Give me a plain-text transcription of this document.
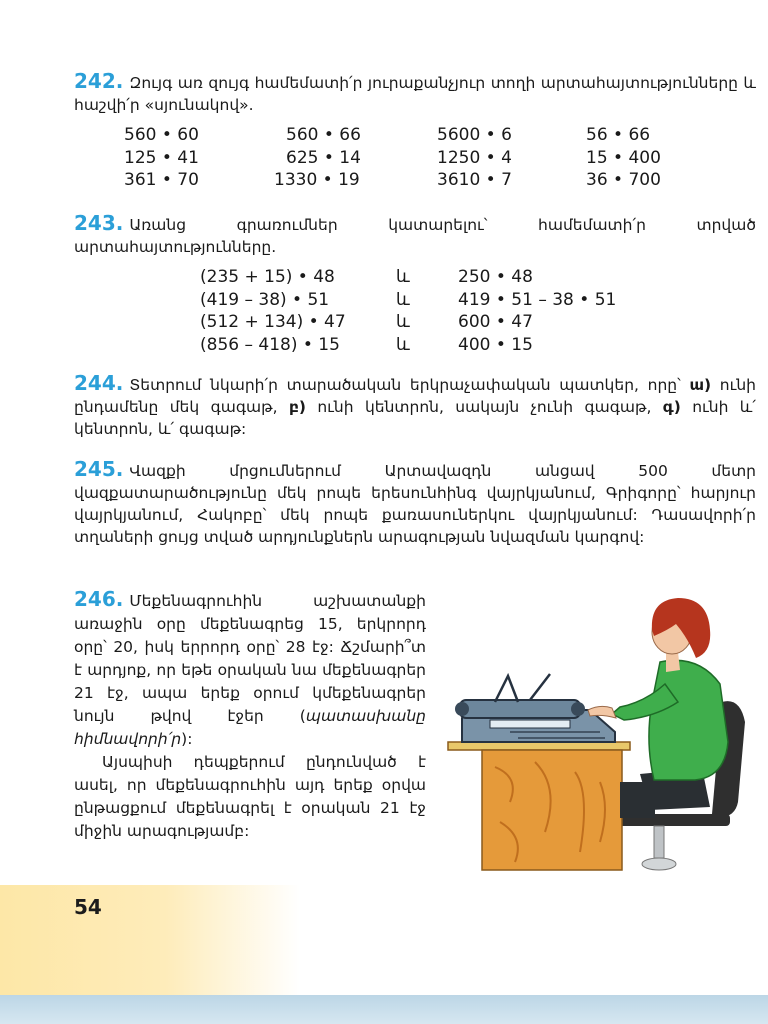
242. Զույգ առ զույգ համեմատի՛ր յուրաքանչյուր տողի արտահայտությունները և հաշվի՛ր «սյունակով».

560 • 60	560 • 66	5600 • 6	56 • 66
125 • 41	625 • 14	1250 • 4	15 • 400
361 • 70	1330 • 19	3610 • 7	36 • 700

243. Առանց գրառումներ կատարելու՝ համեմատի՛ր տրված արտահայտությունները.

(235 + 15) • 48	և	250 • 48
(419 – 38) • 51	և	419 • 51 – 38 • 51
(512 + 134) • 47	և	600 • 47
(856 – 418) • 15	և	400 • 15

244. Տետրում նկարի՛ր տարածական երկրաչափական պատկեր, որը՝ ա) ունի ընդամենը մեկ գագաթ, բ) ունի կենտրոն, սակայն չունի գագաթ, գ) ունի և՛ կենտրոն, և՛ գագաթ:

245. Վազքի մրցումներում Արտավազդն անցավ 500 մետր վազքատարածությունը մեկ րոպե երեսունհինգ վայրկյանում, Գրիգորը՝ հարյուր վայրկյանում, Հակոբը՝ մեկ րոպե քառասուներկու վայրկյանում: Դասավորի՛ր տղաների ցույց տված արդյունքներն արագության նվազման կարգով:

246. Մեքենագրուհին աշխատանքի առաջին օրը մեքենագրեց 15, երկրորդ օրը՝ 20, իսկ երրորդ օրը՝ 28 էջ: Ճշմարի՞տ է արդյոք, որ եթե օրական նա մեքենագրեր 21 էջ, ապա երեք օրում կմեքենագրեր նույն թվով էջեր (պատասխանը հիմնավորի՛ր):

Այսպիսի դեպքերում ընդունված է ասել, որ մեքենագրուհին այդ երեք օրվա ընթացքում մեքենագրել է օրական 21 էջ միջին արագությամբ:

54
